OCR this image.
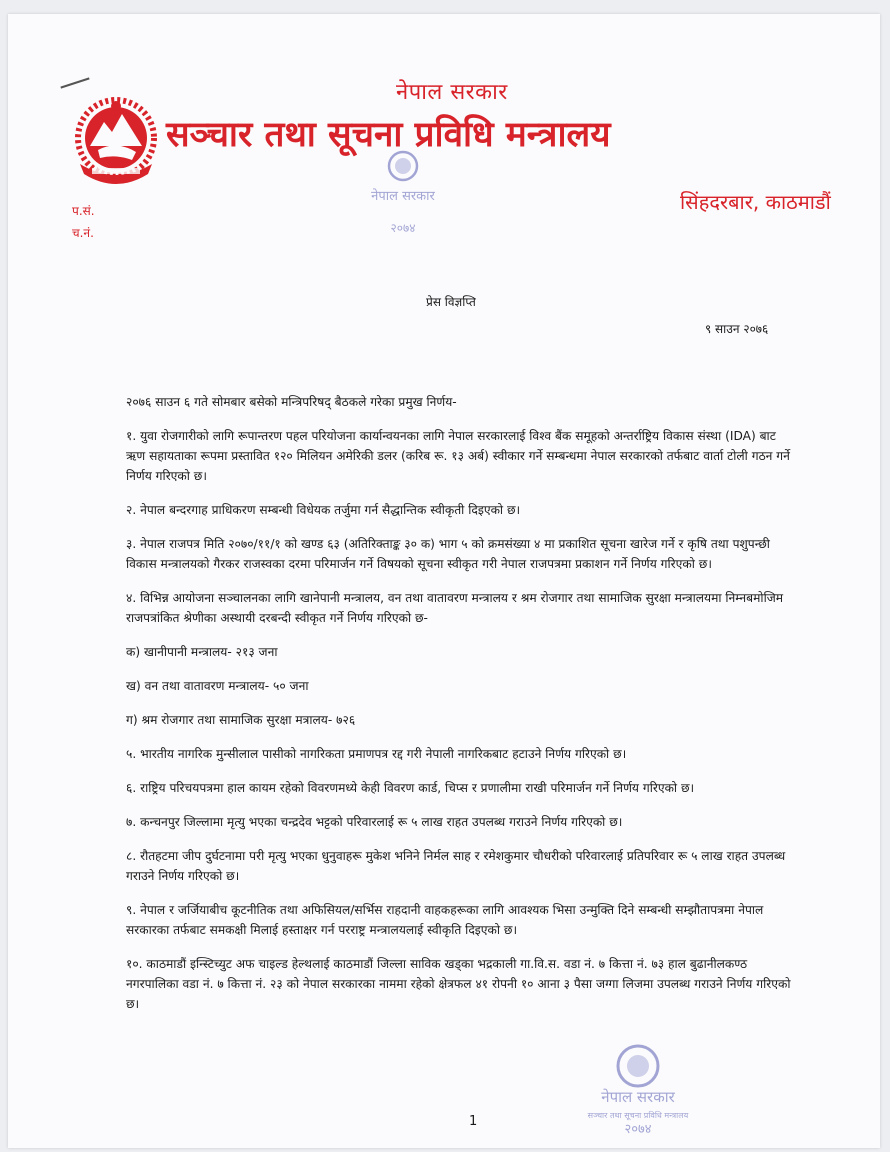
नेपाल सरकार
सञ्चार तथा सूचना प्रविधि मन्त्रालय
सिंहदरबार, काठमाडौं
प.सं.
च.नं.
नेपाल सरकार
२०७४
प्रेस विज्ञप्ति
९ साउन २०७६

२०७६ साउन ६ गते सोमबार बसेको मन्त्रिपरिषद् बैठकले गरेका प्रमुख निर्णय-

१. युवा रोजगारीको लागि रूपान्तरण पहल परियोजना कार्यान्वयनका लागि नेपाल सरकारलाई विश्व बैंक समूहको अन्तर्राष्ट्रिय विकास संस्था (IDA) बाट ऋण सहायताका रूपमा प्रस्तावित १२० मिलियन अमेरिकी डलर (करिब रू. १३ अर्ब) स्वीकार गर्ने सम्बन्धमा नेपाल सरकारको तर्फबाट वार्ता टोली गठन गर्ने निर्णय गरिएको छ।

२. नेपाल बन्दरगाह प्राधिकरण सम्बन्धी विधेयक तर्जुमा गर्न सैद्धान्तिक स्वीकृती दिइएको छ।

३. नेपाल राजपत्र मिति २०७०/११/१ को खण्ड ६३ (अतिरिक्ताङ्क ३० क) भाग ५ को क्रमसंख्या ४ मा प्रकाशित सूचना खारेज गर्ने र कृषि तथा पशुपन्छी विकास मन्त्रालयको गैरकर राजस्वका दरमा परिमार्जन गर्ने विषयको सूचना स्वीकृत गरी नेपाल राजपत्रमा प्रकाशन गर्ने निर्णय गरिएको छ।

४. विभिन्न आयोजना सञ्चालनका लागि खानेपानी मन्त्रालय, वन तथा वातावरण मन्त्रालय र श्रम रोजगार तथा सामाजिक सुरक्षा मन्त्रालयमा निम्नबमोजिम राजपत्रांकित श्रेणीका अस्थायी दरबन्दी स्वीकृत गर्ने निर्णय गरिएको छ-

क) खानीपानी मन्त्रालय- २१३ जना

ख) वन तथा वातावरण मन्त्रालय- ५० जना

ग) श्रम रोजगार तथा सामाजिक सुरक्षा मत्रालय- ७२६

५. भारतीय नागरिक मुन्सीलाल पासीको नागरिकता प्रमाणपत्र रद्द गरी नेपाली नागरिकबाट हटाउने निर्णय गरिएको छ।

६. राष्ट्रिय परिचयपत्रमा हाल कायम रहेको विवरणमध्ये केही विवरण कार्ड, चिप्स र प्रणालीमा राखी परिमार्जन गर्ने निर्णय गरिएको छ।

७. कन्चनपुर जिल्लामा मृत्यु भएका चन्द्रदेव भट्टको परिवारलाई रू ५ लाख राहत उपलब्ध गराउने निर्णय गरिएको छ।

८. रौतहटमा जीप दुर्घटनामा परी मृत्यु भएका धुनुवाहरू मुकेश भनिने निर्मल साह र रमेशकुमार चौधरीको परिवारलाई प्रतिपरिवार रू ५ लाख राहत उपलब्ध गराउने निर्णय गरिएको छ।

९. नेपाल र जर्जियाबीच कूटनीतिक तथा अफिसियल/सर्भिस राहदानी वाहकहरूका लागि आवश्यक भिसा उन्मुक्ति दिने सम्बन्धी सम्झौतापत्रमा नेपाल सरकारका तर्फबाट समकक्षी मिलाई हस्ताक्षर गर्न परराष्ट्र मन्त्रालयलाई स्वीकृति दिइएको छ।

१०. काठमाडौं इन्स्टिच्युट अफ चाइल्ड हेल्थलाई काठमाडौं जिल्ला साविक खड्का भद्रकाली गा.वि.स. वडा नं. ७ कित्ता नं. ७३ हाल बुढानीलकण्ठ नगरपालिका वडा नं. ७ कित्ता नं. २३ को नेपाल सरकारका नाममा रहेको क्षेत्रफल ४१ रोपनी १० आना ३ पैसा जग्गा लिजमा उपलब्ध गराउने निर्णय गरिएको छ।

नेपाल सरकार
सञ्चार तथा सूचना प्रविधि मन्त्रालय
२०७४
1
